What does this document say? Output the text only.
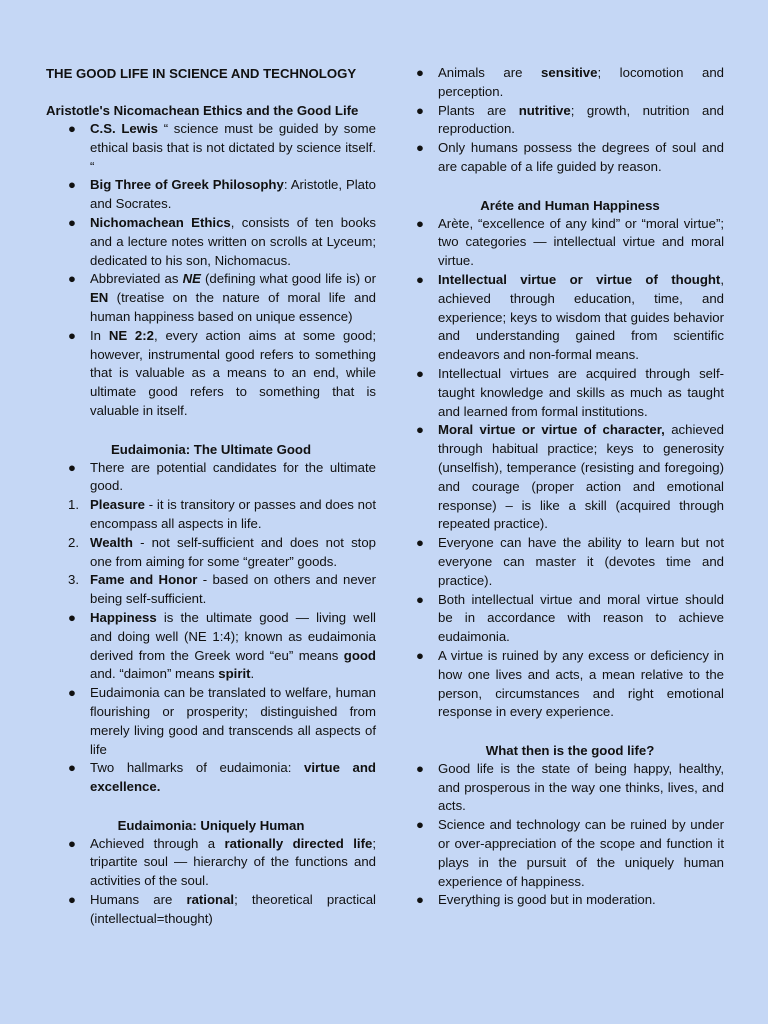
THE GOOD LIFE IN SCIENCE AND TECHNOLOGY
Aristotle's Nicomachean Ethics and the Good Life
● C.S. Lewis “ science must be guided by some ethical basis that is not dictated by science itself. “
● Big Three of Greek Philosophy: Aristotle, Plato and Socrates.
● Nichomachean Ethics, consists of ten books and a lecture notes written on scrolls at Lyceum; dedicated to his son, Nichomacus.
● Abbreviated as NE (defining what good life is) or EN (treatise on the nature of moral life and human happiness based on unique essence)
● In NE 2:2, every action aims at some good; however, instrumental good refers to something that is valuable as a means to an end, while ultimate good refers to something that is valuable in itself.
Eudaimonia: The Ultimate Good
● There are potential candidates for the ultimate good.
1. Pleasure - it is transitory or passes and does not encompass all aspects in life.
2. Wealth - not self-sufficient and does not stop one from aiming for some “greater” goods.
3. Fame and Honor - based on others and never being self-sufficient.
● Happiness is the ultimate good — living well and doing well (NE 1:4); known as eudaimonia derived from the Greek word “eu” means good and. “daimon” means spirit.
● Eudaimonia can be translated to welfare, human flourishing or prosperity; distinguished from merely living good and transcends all aspects of life
● Two hallmarks of eudaimonia: virtue and excellence.
Eudaimonia: Uniquely Human
● Achieved through a rationally directed life; tripartite soul — hierarchy of the functions and activities of the soul.
● Humans are rational; theoretical practical (intellectual=thought)
● Animals are sensitive; locomotion and perception.
● Plants are nutritive; growth, nutrition and reproduction.
● Only humans possess the degrees of soul and are capable of a life guided by reason.
Aréte and Human Happiness
● Arète, “excellence of any kind” or “moral virtue”; two categories — intellectual virtue and moral virtue.
● Intellectual virtue or virtue of thought, achieved through education, time, and experience; keys to wisdom that guides behavior and understanding gained from scientific endeavors and non-formal means.
● Intellectual virtues are acquired through self-taught knowledge and skills as much as taught and learned from formal institutions.
● Moral virtue or virtue of character, achieved through habitual practice; keys to generosity (unselfish), temperance (resisting and foregoing) and courage (proper action and emotional response) – is like a skill (acquired through repeated practice).
● Everyone can have the ability to learn but not everyone can master it (devotes time and practice).
● Both intellectual virtue and moral virtue should be in accordance with reason to achieve eudaimonia.
● A virtue is ruined by any excess or deficiency in how one lives and acts, a mean relative to the person, circumstances and right emotional response in every experience.
What then is the good life?
● Good life is the state of being happy, healthy, and prosperous in the way one thinks, lives, and acts.
● Science and technology can be ruined by under or over-appreciation of the scope and function it plays in the pursuit of the uniquely human experience of happiness.
● Everything is good but in moderation.
